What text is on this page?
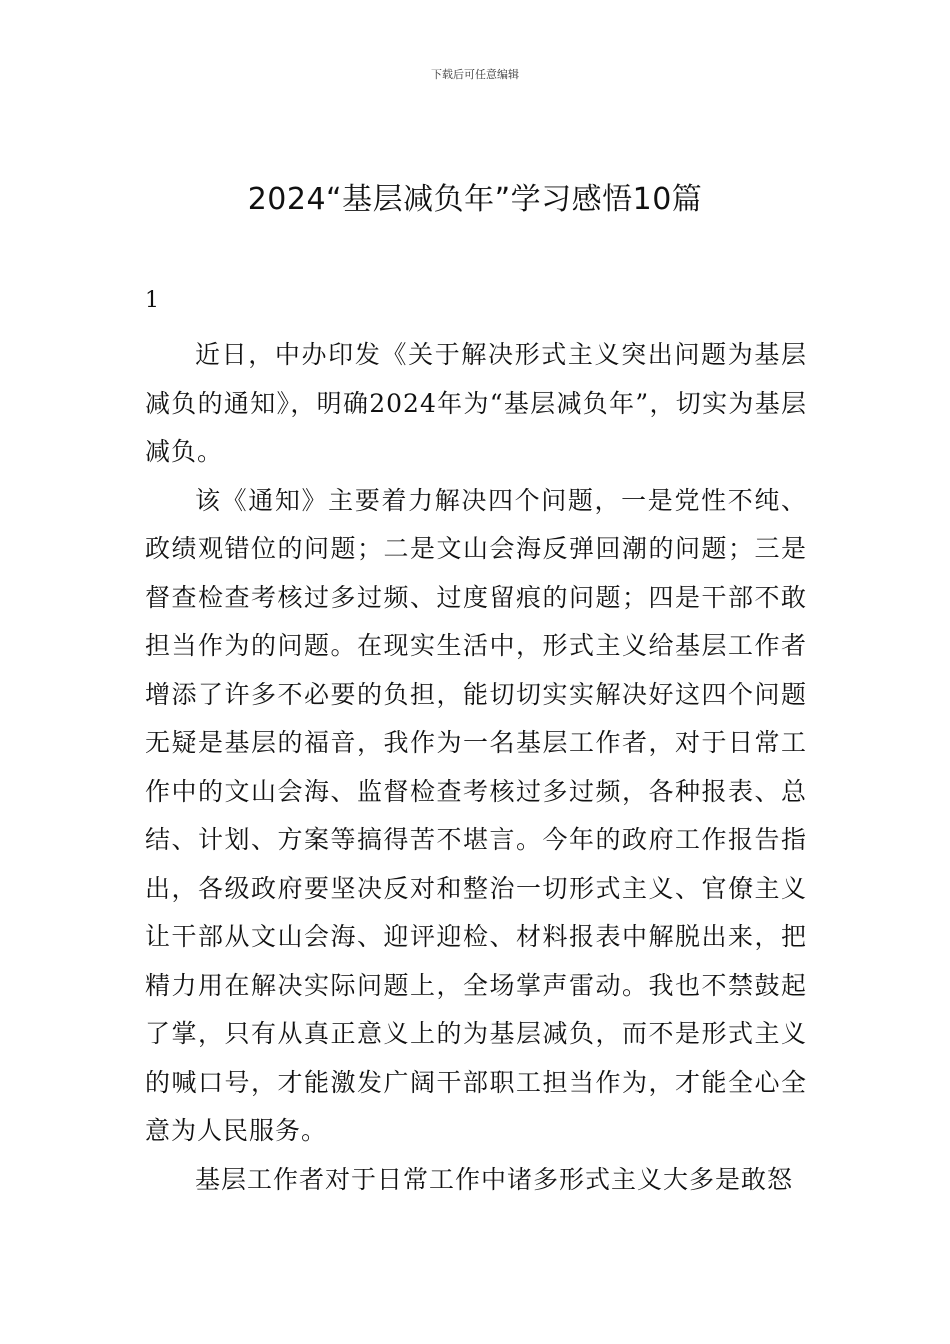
下载后可任意编辑
2024“基层减负年”学习感悟10篇
1

近日，中办印发《关于解决形式主义突出问题为基层减负的通知》，明确2024年为“基层减负年”，切实为基层减负。

该《通知》主要着力解决四个问题，一是党性不纯、政绩观错位的问题；二是文山会海反弹回潮的问题；三是督查检查考核过多过频、过度留痕的问题；四是干部不敢担当作为的问题。在现实生活中，形式主义给基层工作者增添了许多不必要的负担，能切切实实解决好这四个问题无疑是基层的福音，我作为一名基层工作者，对于日常工作中的文山会海、监督检查考核过多过频，各种报表、总结、计划、方案等搞得苦不堪言。今年的政府工作报告指出，各级政府要坚决反对和整治一切形式主义、官僚主义让干部从文山会海、迎评迎检、材料报表中解脱出来，把精力用在解决实际问题上，全场掌声雷动。我也不禁鼓起了掌，只有从真正意义上的为基层减负，而不是形式主义的喊口号，才能激发广阔干部职工担当作为，才能全心全意为人民服务。

基层工作者对于日常工作中诸多形式主义大多是敢怒
